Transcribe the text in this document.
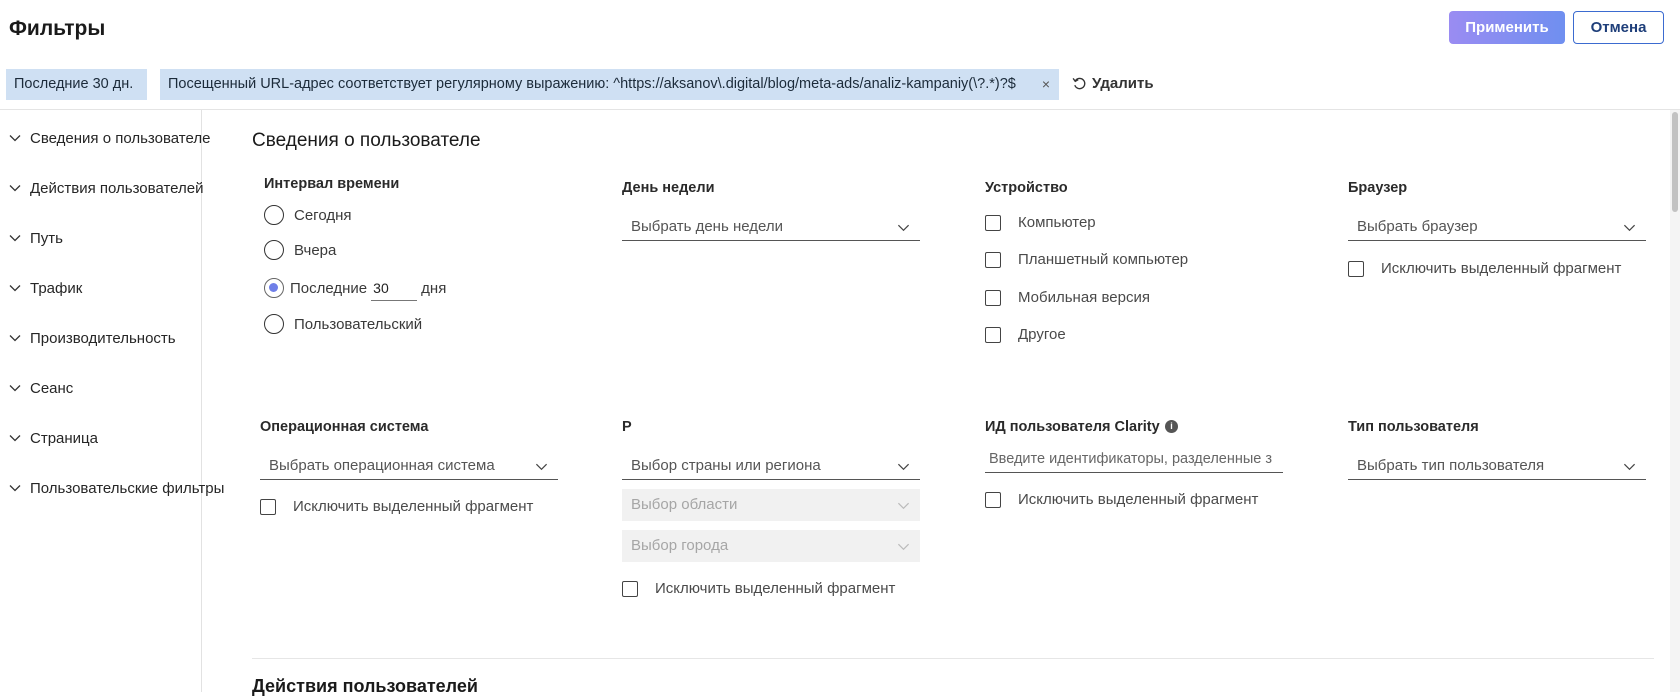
Фильтры	Применить	Отмена
Последние 30 дн.	Посещенный URL-адрес соответствует регулярному выражению: ^https://aksanov\.digital/blog/meta-ads/analiz-kampaniy(\?.*)?$ ×	Удалить
Сведения о пользователе
Действия пользователей
Путь
Трафик
Производительность
Сеанс
Страница
Пользовательские фильтры
Сведения о пользователе
Интервал времени
Сегодня
Вчера
Последние
30	дня
Пользовательский
День недели
Выбрать день недели
Устройство
Компьютер
Планшетный компьютер
Мобильная версия
Другое
Браузер
Выбрать браузер
Исключить выделенный фрагмент
Операционная система
Выбрать операционная система
Исключить выделенный фрагмент
Р
Выбор страны или региона
Выбор области
Выбор города
Исключить выделенный фрагмент
ИД пользователя Clarity	i
Введите идентификаторы, разделенные з
Исключить выделенный фрагмент
Тип пользователя
Выбрать тип пользователя
Действия пользователей
